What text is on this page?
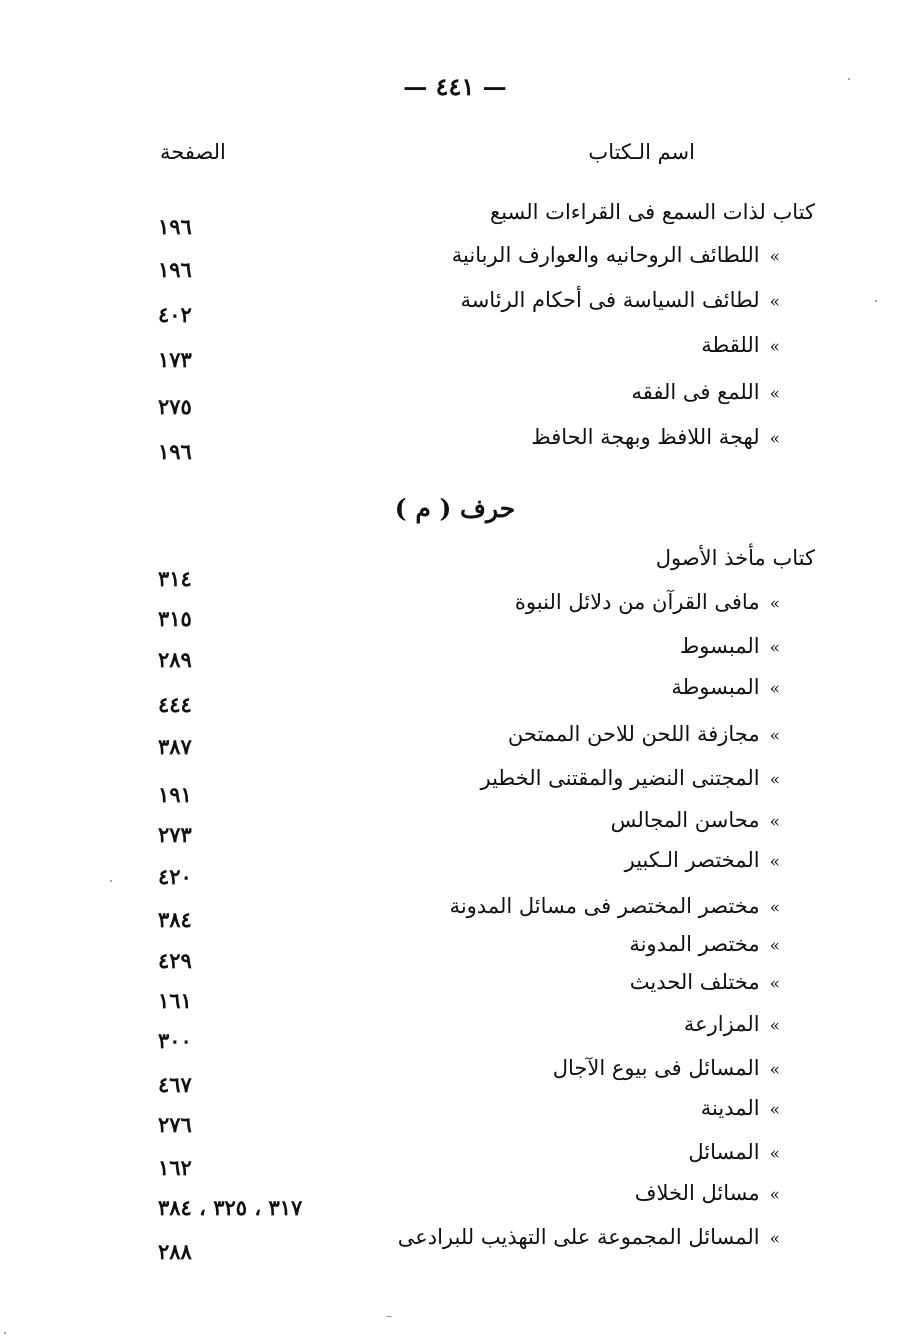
— ٤٤١ —
اسم الـكتاب
الصفحة
كتاب لذات السمع فى القراءات السبع
١٩٦
»اللطائف الروحانيه والعوارف الربانية
١٩٦
»لطائف السياسة فى أحكام الرئاسة
٤٠٢
»اللقطة
١٧٣
»اللمع فى الفقه
٢٧٥
»لهجة اللافظ وبهجة الحافظ
١٩٦
حرف ( م )
كتاب مأخذ الأصول
»مافى القرآن من دلائل النبوة
٣١٤
»المبسوط
٣١٥
»المبسوطة
٢٨٩
»مجازفة اللحن للاحن الممتحن
٤٤٤
»المجتنى النضير والمقتنى الخطير
٣٨٧
»محاسن المجالس
١٩١
»المختصر الـكبير
٢٧٣
»مختصر المختصر فى مسائل المدونة
٤٢٠
»مختصر المدونة
٣٨٤
»مختلف الحديث
٤٢٩
»المزارعة
١٦١
»المسائل فى بيوع الآجال
٣٠٠
»المدينة
٤٦٧
»المسائل
٢٧٦
»مسائل الخلاف
١٦٢
»المسائل المجموعة على التهذيب للبرادعى
٣١٧ ، ٣٢٥ ، ٣٨٤
٢٨٨
